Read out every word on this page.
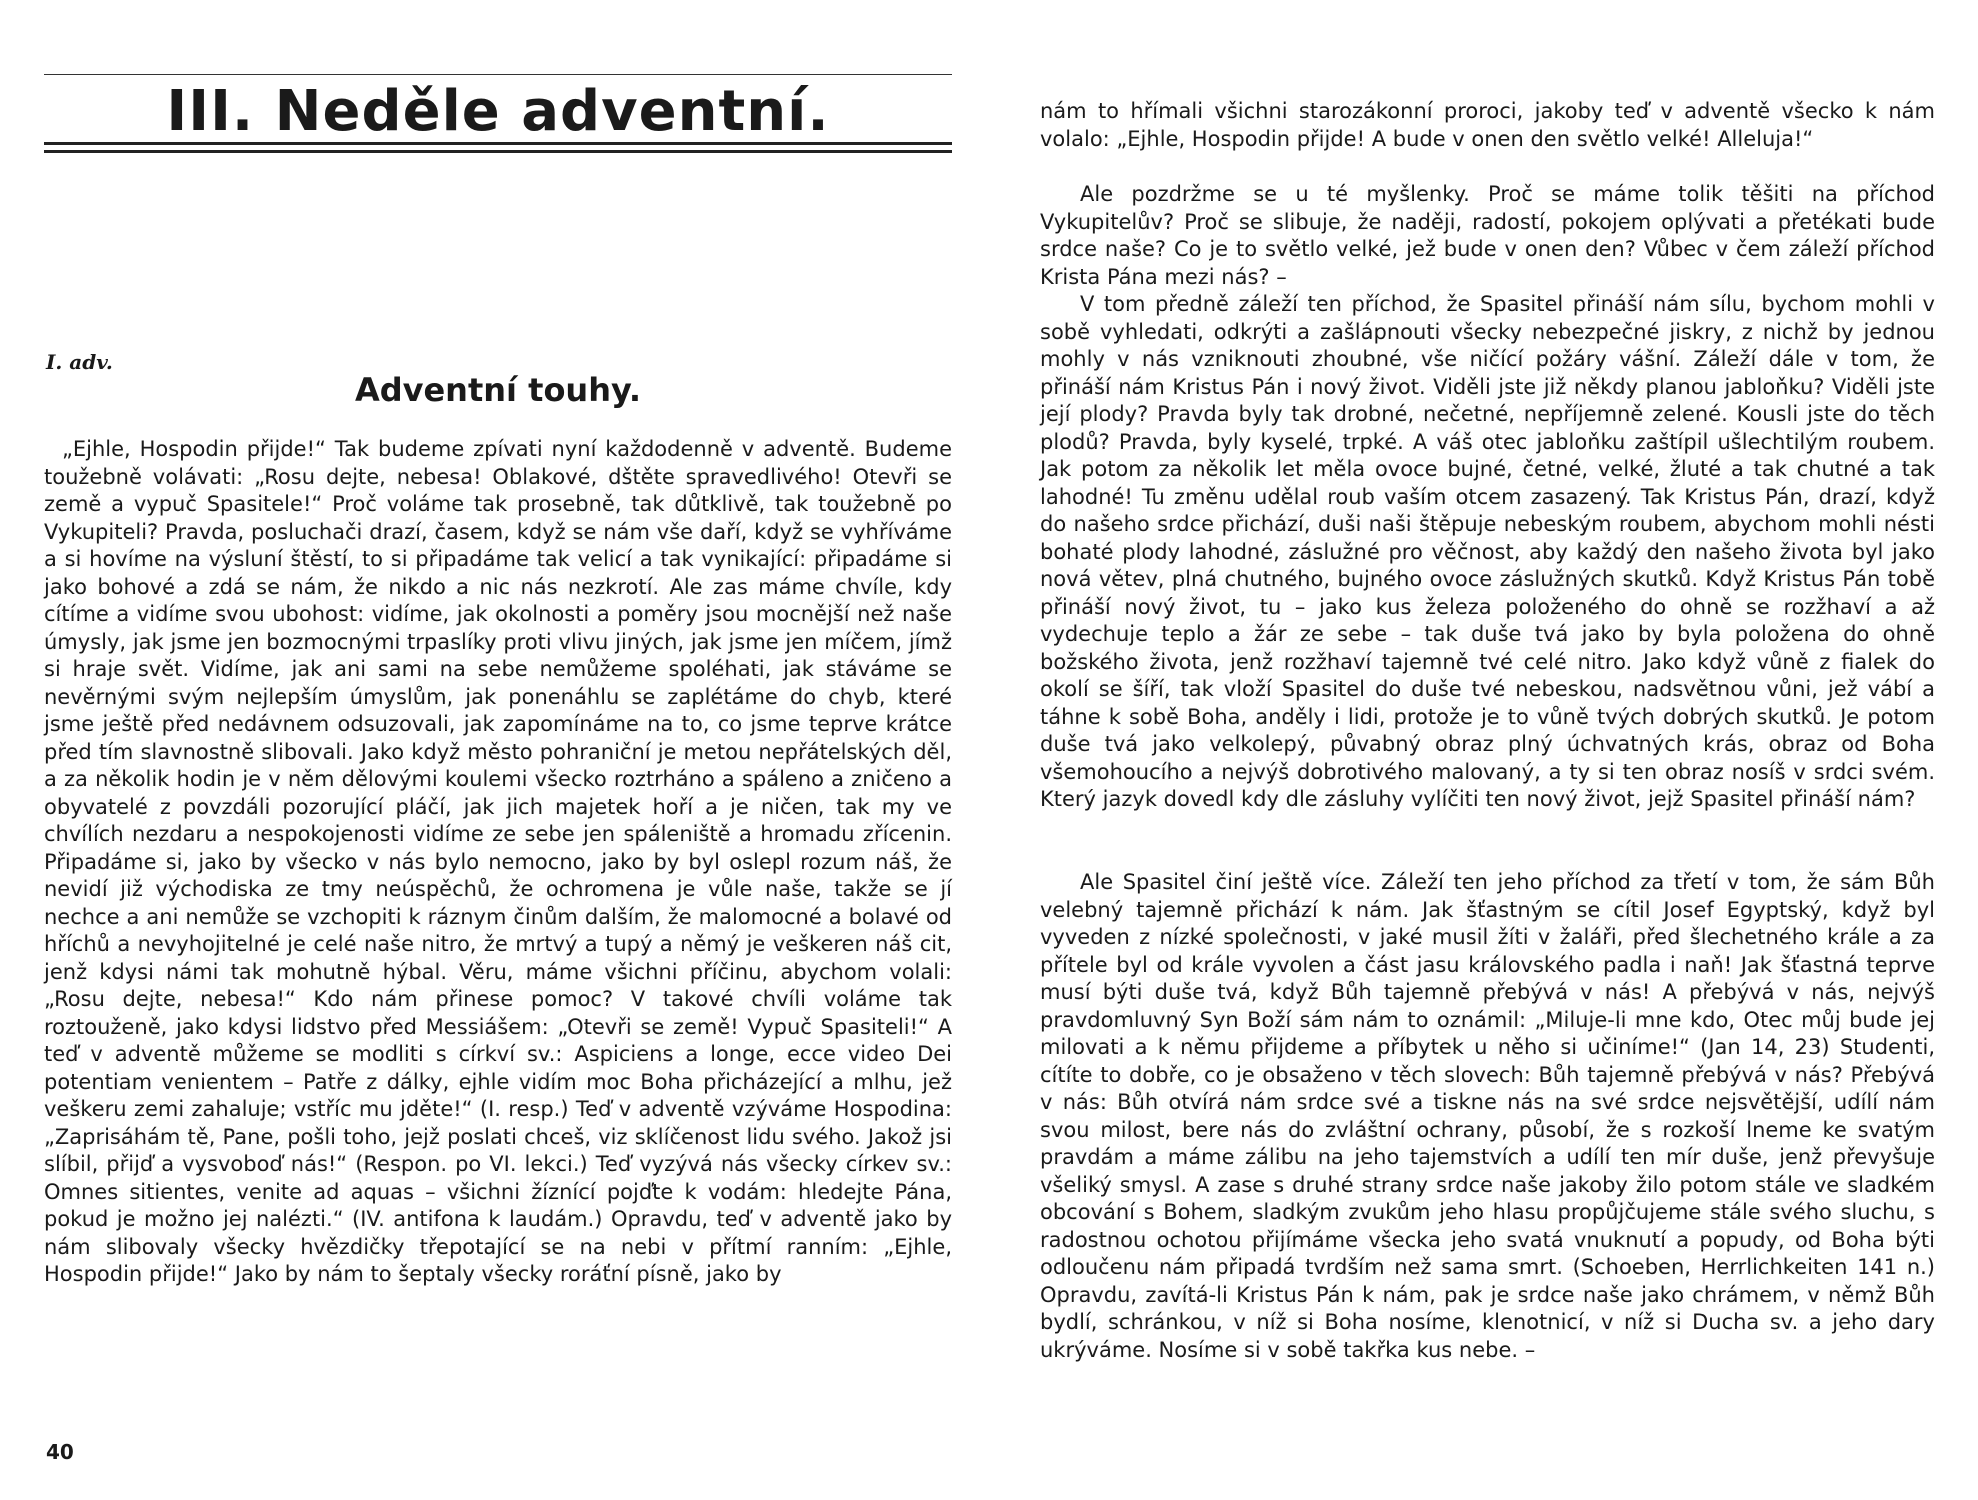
III. Neděle adventní.
I. adv.
Adventní touhy.

„Ejhle, Hospodin přijde!“ Tak budeme zpívati nyní každodenně v adventě. Budeme toužebně volávati: „Rosu dejte, nebesa! Oblakové, dštěte spravedlivého! Otevři se země a vypuč Spasitele!“ Proč voláme tak prosebně, tak důtklivě, tak toužebně po Vykupiteli? Pravda, posluchači drazí, časem, když se nám vše daří, když se vyhříváme a si hovíme na výsluní štěstí, to si připadáme tak velicí a tak vynikající: připadáme si jako bohové a zdá se nám, že nikdo a nic nás nezkrotí. Ale zas máme chvíle, kdy cítíme a vidíme svou ubohost: vidíme, jak okolnosti a poměry jsou mocnější než naše úmysly, jak jsme jen bozmocnými trpaslíky proti vlivu jiných, jak jsme jen míčem, jímž si hraje svět. Vidíme, jak ani sami na sebe nemůžeme spoléhati, jak stáváme se nevěrnými svým nejlepším úmyslům, jak ponenáhlu se zaplétáme do chyb, které jsme ještě před nedávnem odsuzovali, jak zapomínáme na to, co jsme teprve krátce před tím slavnostně slibovali. Jako když město pohraniční je metou nepřátelských děl, a za několik hodin je v něm dělovými koulemi všecko roztrháno a spáleno a zničeno a obyvatelé z povzdáli pozorující pláčí, jak jich majetek hoří a je ničen, tak my ve chvílích nezdaru a nespokojenosti vidíme ze sebe jen spáleniště a hromadu zřícenin. Připadáme si, jako by všecko v nás bylo nemocno, jako by byl oslepl rozum náš, že nevidí již východiska ze tmy neúspěchů, že ochromena je vůle naše, takže se jí nechce a ani nemůže se vzchopiti k ráznym činům dalším, že malomocné a bolavé od hříchů a nevyhojitelné je celé naše nitro, že mrtvý a tupý a němý je veškeren náš cit, jenž kdysi námi tak mohutně hýbal. Věru, máme všichni příčinu, abychom volali: „Rosu dejte, nebesa!“ Kdo nám přinese pomoc? V takové chvíli voláme tak roztouženě, jako kdysi lidstvo před Messiášem: „Otevři se země! Vypuč Spasiteli!“ A teď v adventě můžeme se modliti s církví sv.: Aspiciens a longe, ecce video Dei potentiam venientem – Patře z dálky, ejhle vidím moc Boha přicházející a mlhu, jež veškeru zemi zahaluje; vstříc mu jděte!“ (I. resp.) Teď v adventě vzýváme Hospodina: „Zaprisáhám tě, Pane, pošli toho, jejž poslati chceš, viz sklíčenost lidu svého. Jakož jsi slíbil, přijď a vysvoboď nás!“ (Respon. po VI. lekci.) Teď vyzývá nás všecky církev sv.: Omnes sitientes, venite ad aquas – všichni žíznící pojďte k vodám: hledejte Pána, pokud je možno jej nalézti.“ (IV. antifona k laudám.) Opravdu, teď v adventě jako by nám slibovaly všecky hvězdičky třepotající se na nebi v přítmí ranním: „Ejhle, Hospodin přijde!“ Jako by nám to šeptaly všecky roráťní písně, jako by

40

nám to hřímali všichni starozákonní proroci, jakoby teď v adventě všecko k nám volalo: „Ejhle, Hospodin přijde! A bude v onen den světlo velké! Alleluja!“

Ale pozdržme se u té myšlenky. Proč se máme tolik těšiti na příchod Vykupitelův? Proč se slibuje, že naději, radostí, pokojem oplývati a přetékati bude srdce naše? Co je to světlo velké, jež bude v onen den? Vůbec v čem záleží příchod Krista Pána mezi nás? –

V tom předně záleží ten příchod, že Spasitel přináší nám sílu, bychom mohli v sobě vyhledati, odkrýti a zašlápnouti všecky nebezpečné jiskry, z nichž by jednou mohly v nás vzniknouti zhoubné, vše ničící požáry vášní. Záleží dále v tom, že přináší nám Kristus Pán i nový život. Viděli jste již někdy planou jabloňku? Viděli jste její plody? Pravda byly tak drobné, nečetné, nepříjemně zelené. Kousli jste do těch plodů? Pravda, byly kyselé, trpké. A váš otec jabloňku zaštípil ušlechtilým roubem. Jak potom za několik let měla ovoce bujné, četné, velké, žluté a tak chutné a tak lahodné! Tu změnu udělal roub vaším otcem zasazený. Tak Kristus Pán, drazí, když do našeho srdce přichází, duši naši štěpuje nebeským roubem, abychom mohli nésti bohaté plody lahodné, záslužné pro věčnost, aby každý den našeho života byl jako nová větev, plná chutného, bujného ovoce záslužných skutků. Když Kristus Pán tobě přináší nový život, tu – jako kus železa položeného do ohně se rozžhaví a až vydechuje teplo a žár ze sebe – tak duše tvá jako by byla položena do ohně božského života, jenž rozžhaví tajemně tvé celé nitro. Jako když vůně z fialek do okolí se šíří, tak vloží Spasitel do duše tvé nebeskou, nadsvětnou vůni, jež vábí a táhne k sobě Boha, anděly i lidi, protože je to vůně tvých dobrých skutků. Je potom duše tvá jako velkolepý, půvabný obraz plný úchvatných krás, obraz od Boha všemohoucího a nejvýš dobrotivého malovaný, a ty si ten obraz nosíš v srdci svém. Který jazyk dovedl kdy dle zásluhy vylíčiti ten nový život, jejž Spasitel přináší nám?

Ale Spasitel činí ještě více. Záleží ten jeho příchod za třetí v tom, že sám Bůh velebný tajemně přichází k nám. Jak šťastným se cítil Josef Egyptský, když byl vyveden z nízké společnosti, v jaké musil žíti v žaláři, před šlechetného krále a za přítele byl od krále vyvolen a část jasu královského padla i naň! Jak šťastná teprve musí býti duše tvá, když Bůh tajemně přebývá v nás! A přebývá v nás, nejvýš pravdomluvný Syn Boží sám nám to oznámil: „Miluje-li mne kdo, Otec můj bude jej milovati a k němu přijdeme a příbytek u něho si učiníme!“ (Jan 14, 23) Studenti, cítíte to dobře, co je obsaženo v těch slovech: Bůh tajemně přebývá v nás? Přebývá v nás: Bůh otvírá nám srdce své a tiskne nás na své srdce nejsvětější, udílí nám svou milost, bere nás do zvláštní ochrany, působí, že s rozkoší lneme ke svatým pravdám a máme zálibu na jeho tajemstvích a udílí ten mír duše, jenž převyšuje všeliký smysl. A zase s druhé strany srdce naše jakoby žilo potom stále ve sladkém obcování s Bohem, sladkým zvukům jeho hlasu propůjčujeme stále svého sluchu, s radostnou ochotou přijímáme všecka jeho svatá vnuknutí a popudy, od Boha býti odloučenu nám připadá tvrdším než sama smrt. (Schoeben, Herrlichkeiten 141 n.) Opravdu, zavítá-li Kristus Pán k nám, pak je srdce naše jako chrámem, v němž Bůh bydlí, schránkou, v níž si Boha nosíme, klenotnicí, v níž si Ducha sv. a jeho dary ukrýváme. Nosíme si v sobě takřka kus nebe. –
